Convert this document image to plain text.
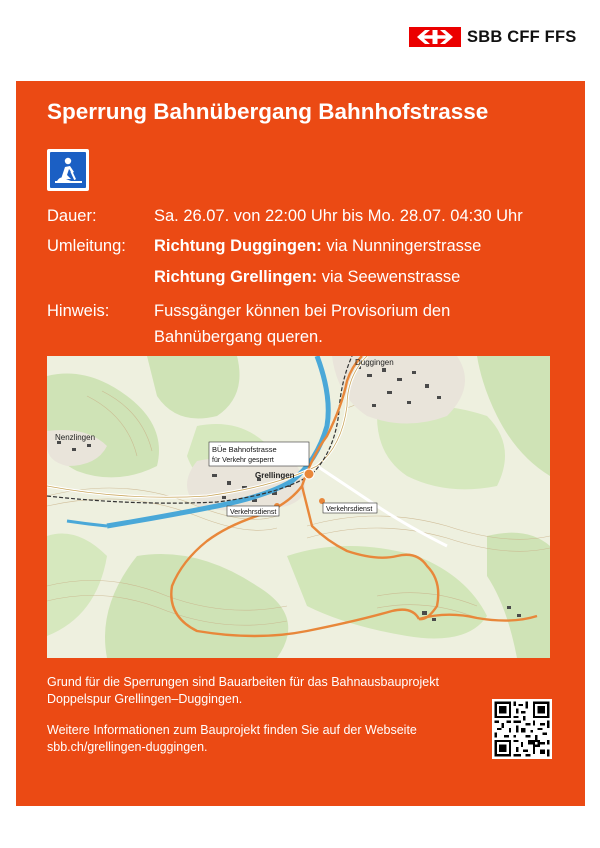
SBB CFF FFS
Sperrung Bahnübergang Bahnhofstrasse
Dauer:	Sa. 26.07. von 22:00 Uhr bis Mo. 28.07. 04:30 Uhr
Umleitung: Richtung Duggingen: via Nunningerstrasse
Richtung Grellingen: via Seewenstrasse
Hinweis:	Fussgänger können bei Provisorium den
Bahnübergang queren.
Duggingen
Nenzlingen
Grellingen
BÜe Bahnofstrasse
für Verkehr gesperrt
Verkehrsdienst	Verkehrsdienst
Grund für die Sperrungen sind Bauarbeiten für das Bahnausbauprojekt
Doppelspur Grellingen–Duggingen.
Weitere Informationen zum Bauprojekt finden Sie auf der Webseite
sbb.ch/grellingen-duggingen.
